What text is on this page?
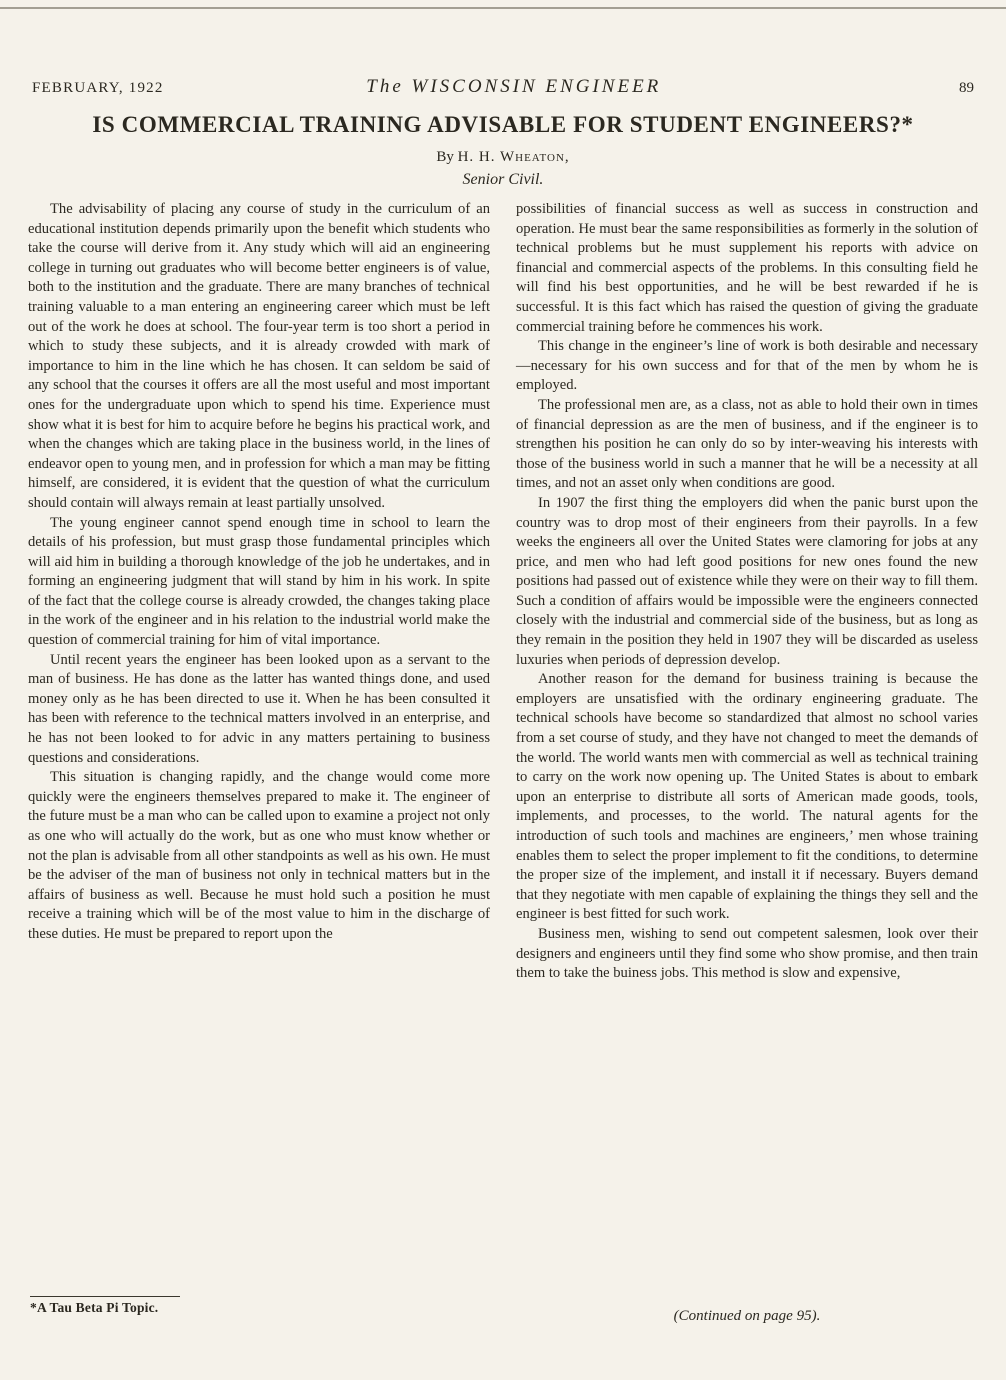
FEBRUARY, 1922	The WISCONSIN ENGINEER	89
IS COMMERCIAL TRAINING ADVISABLE FOR STUDENT ENGINEERS?*
By H. H. Wheaton,
Senior Civil.

The advisability of placing any course of study in the curriculum of an educational institution depends primarily upon the benefit which students who take the course will derive from it. Any study which will aid an engineering college in turning out graduates who will become better engineers is of value, both to the institution and the graduate. There are many branches of technical training valuable to a man entering an engineering career which must be left out of the work he does at school. The four-year term is too short a period in which to study these subjects, and it is already crowded with mark of importance to him in the line which he has chosen. It can seldom be said of any school that the courses it offers are all the most useful and most important ones for the undergraduate upon which to spend his time. Experience must show what it is best for him to acquire before he begins his practical work, and when the changes which are taking place in the business world, in the lines of endeavor open to young men, and in profession for which a man may be fitting himself, are considered, it is evident that the question of what the curriculum should contain will always remain at least partially unsolved.

The young engineer cannot spend enough time in school to learn the details of his profession, but must grasp those fundamental principles which will aid him in building a thorough knowledge of the job he undertakes, and in forming an engineering judgment that will stand by him in his work. In spite of the fact that the college course is already crowded, the changes taking place in the work of the engineer and in his relation to the industrial world make the question of commercial training for him of vital importance.

Until recent years the engineer has been looked upon as a servant to the man of business. He has done as the latter has wanted things done, and used money only as he has been directed to use it. When he has been consulted it has been with reference to the technical matters involved in an enterprise, and he has not been looked to for advic in any matters pertaining to business questions and considerations.

This situation is changing rapidly, and the change would come more quickly were the engineers themselves prepared to make it. The engineer of the future must be a man who can be called upon to examine a project not only as one who will actually do the work, but as one who must know whether or not the plan is advisable from all other standpoints as well as his own. He must be the adviser of the man of business not only in technical matters but in the affairs of business as well. Because he must hold such a position he must receive a training which will be of the most value to him in the discharge of these duties. He must be prepared to report upon the

possibilities of financial success as well as success in construction and operation. He must bear the same responsibilities as formerly in the solution of technical problems but he must supplement his reports with advice on financial and commercial aspects of the problems. In this consulting field he will find his best opportunities, and he will be best rewarded if he is successful. It is this fact which has raised the question of giving the graduate commercial training before he commences his work.

This change in the engineer’s line of work is both desirable and necessary—necessary for his own success and for that of the men by whom he is employed.

The professional men are, as a class, not as able to hold their own in times of financial depression as are the men of business, and if the engineer is to strengthen his position he can only do so by inter-weaving his interests with those of the business world in such a manner that he will be a necessity at all times, and not an asset only when conditions are good.

In 1907 the first thing the employers did when the panic burst upon the country was to drop most of their engineers from their payrolls. In a few weeks the engineers all over the United States were clamoring for jobs at any price, and men who had left good positions for new ones found the new positions had passed out of existence while they were on their way to fill them. Such a condition of affairs would be impossible were the engineers connected closely with the industrial and commercial side of the business, but as long as they remain in the position they held in 1907 they will be discarded as useless luxuries when periods of depression develop.

Another reason for the demand for business training is because the employers are unsatisfied with the ordinary engineering graduate. The technical schools have become so standardized that almost no school varies from a set course of study, and they have not changed to meet the demands of the world. The world wants men with commercial as well as technical training to carry on the work now opening up. The United States is about to embark upon an enterprise to distribute all sorts of American made goods, tools, implements, and processes, to the world. The natural agents for the introduction of such tools and machines are engineers,’ men whose training enables them to select the proper implement to fit the conditions, to determine the proper size of the implement, and install it if necessary. Buyers demand that they negotiate with men capable of explaining the things they sell and the engineer is best fitted for such work.

Business men, wishing to send out competent salesmen, look over their designers and engineers until they find some who show promise, and then train them to take the buiness jobs. This method is slow and expensive,

*A Tau Beta Pi Topic.
(Continued on page 95).
